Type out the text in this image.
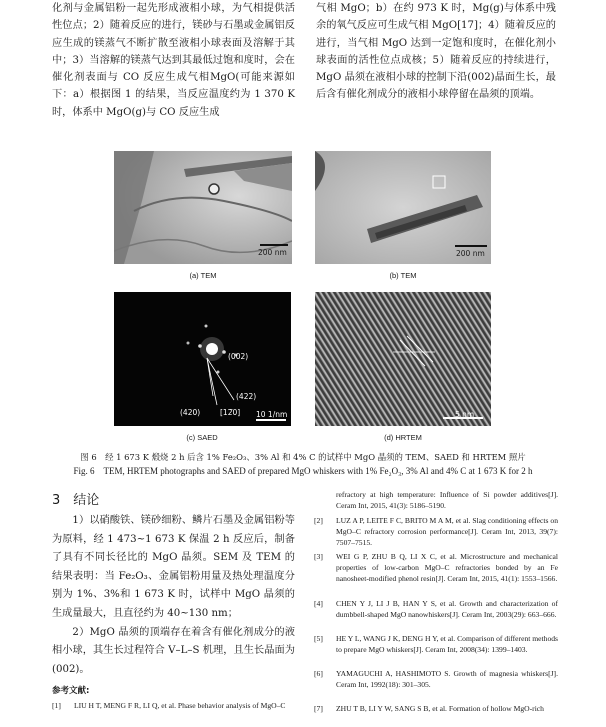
化剂与金属铝粉一起先形成液相小球，为气相提供活性位点；2）随着反应的进行，镁砂与石墨或金属铝反应生成的镁蒸气不断扩散至液相小球表面及溶解于其中；3）当溶解的镁蒸气达到其最低过饱和度时，会在催化剂表面与 CO 反应生成气相MgO(可能来源如下：a）根据图 1 的结果，当反应温度约为 1 370 K 时，体系中 MgO(g)与 CO 反应生成
气相 MgO；b）在约 973 K 时，Mg(g)与体系中残余的氧气反应可生成气相 MgO[17]；4）随着反应的进行，当气相 MgO 达到一定饱和度时，在催化剂小球表面的活性位点成核；5）随着反应的持续进行，MgO 晶须在液相小球的控制下沿(002)晶面生长，最后含有催化剂成分的液相小球停留在晶须的顶端。
200 nm
(a) TEM
200 nm
(b) TEM
(002)
(422)
(420)	[12̅0] 10 1/nm
(c) SAED
5 nm
(d) HRTEM
图 6　经 1 673 K 煅烧 2 h 后含 1% Fe₂O₃、3% Al 和 4% C 的试样中 MgO 晶须的 TEM、SAED 和 HRTEM 照片
Fig. 6　TEM, HRTEM photographs and SAED of prepared MgO whiskers with 1% Fe₂O₃, 3% Al and 4% C at 1 673 K for 2 h
3　结论

1）以硝酸铁、镁砂细粉、鳞片石墨及金属铝粉等为原料，经 1 473~1 673 K 保温 2 h 反应后，制备了具有不同长径比的 MgO 晶须。SEM 及 TEM 的结果表明：当 Fe₂O₃、金属铝粉用量及热处理温度分别为 1%、3%和 1 673 K 时，试样中 MgO 晶须的生成量最大，且直径约为 40~130 nm；

2）MgO 晶须的顶端存在着含有催化剂成分的液相小球，其生长过程符合 V–L–S 机理，且生长晶面为(002)。

参考文献:
[1] LIU H T, MENG F R, LI Q, et al. Phase behavior analysis of MgO–C
refractory at high temperature: Influence of Si powder additives[J]. Ceram Int, 2015, 41(3): 5186–5190.
[2] LUZ A P, LEITE F C, BRITO M A M, et al. Slag conditioning effects on MgO–C refractory corrosion performance[J]. Ceram Int, 2013, 39(7): 7507–7515.
[3] WEI G P, ZHU B Q, LI X C, et al. Microstructure and mechanical properties of low-carbon MgO–C refractories bonded by an Fe nanosheet-modified phenol resin[J]. Ceram Int, 2015, 41(1): 1553–1566.
[4] CHEN Y J, LI J B, HAN Y S, et al. Growth and characterization of dumbbell-shaped MgO nanowhiskers[J]. Ceram Int, 2003(29): 663–666.
[5] HE Y L, WANG J K, DENG H Y, et al. Comparison of different methods to prepare MgO whiskers[J]. Ceram Int, 2008(34): 1399–1403.
[6] YAMAGUCHI A, HASHIMOTO S. Growth of magnesia whiskers[J]. Ceram Int, 1992(18): 301–305.
[7] ZHU T B, LI Y W, SANG S B, et al. Formation of hollow MgO-rich
